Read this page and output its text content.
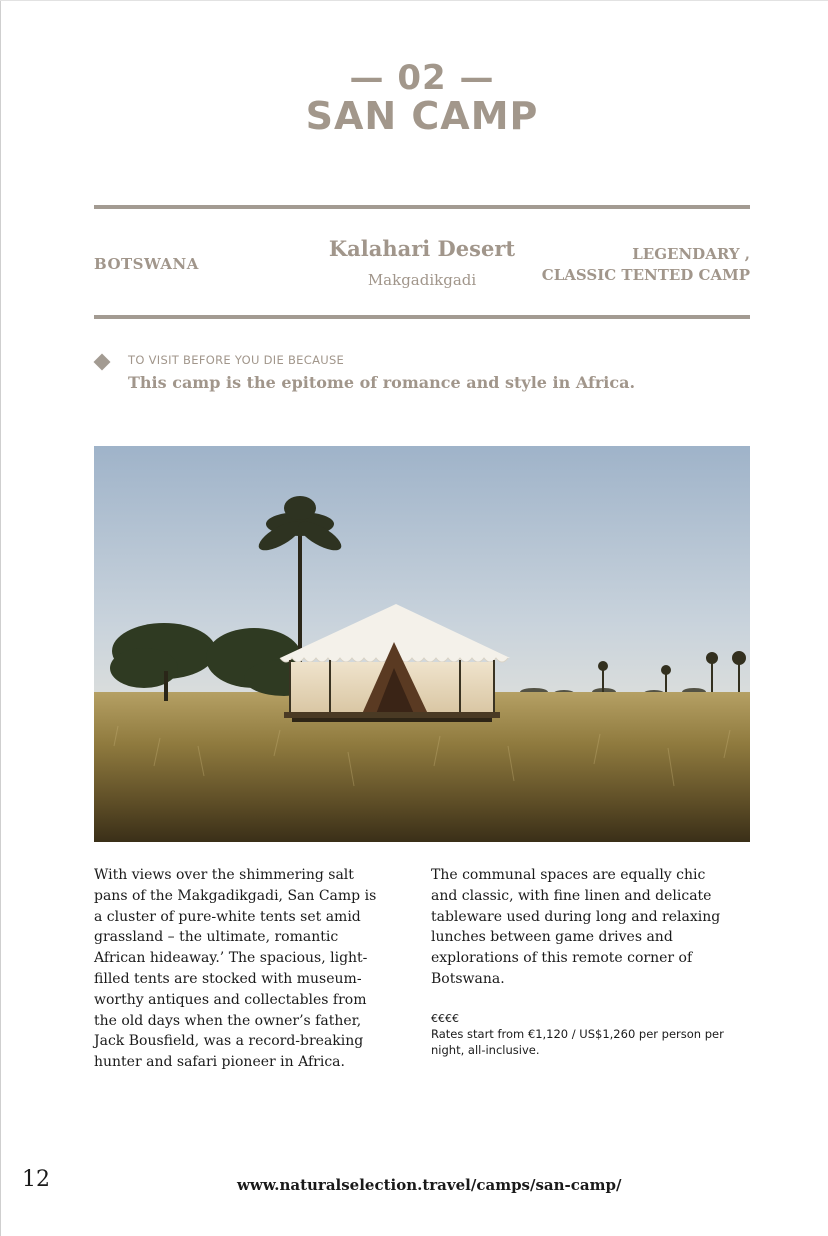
— 02 —
SAN CAMP
BOTSWANA
Kalahari Desert
Makgadikgadi
LEGENDARY ,
CLASSIC TENTED CAMP
TO VISIT BEFORE YOU DIE BECAUSE
This camp is the epitome of romance and style in Africa.

With views over the shimmering salt

pans of the Makgadikgadi, San Camp is

a cluster of pure-white tents set amid

grassland – the ultimate, romantic

African hideaway.’ The spacious, light-

filled tents are stocked with museum-

worthy antiques and collectables from

the old days when the owner’s father,

Jack Bousfield, was a record-breaking

hunter and safari pioneer in Africa.

The communal spaces are equally chic

and classic, with fine linen and delicate

tableware used during long and relaxing

lunches between game drives and

explorations of this remote corner of

Botswana.

€€€€
Rates start from €1,120 / US$1,260 per person per
night, all-inclusive.
12	www.naturalselection.travel/camps/san-camp/
